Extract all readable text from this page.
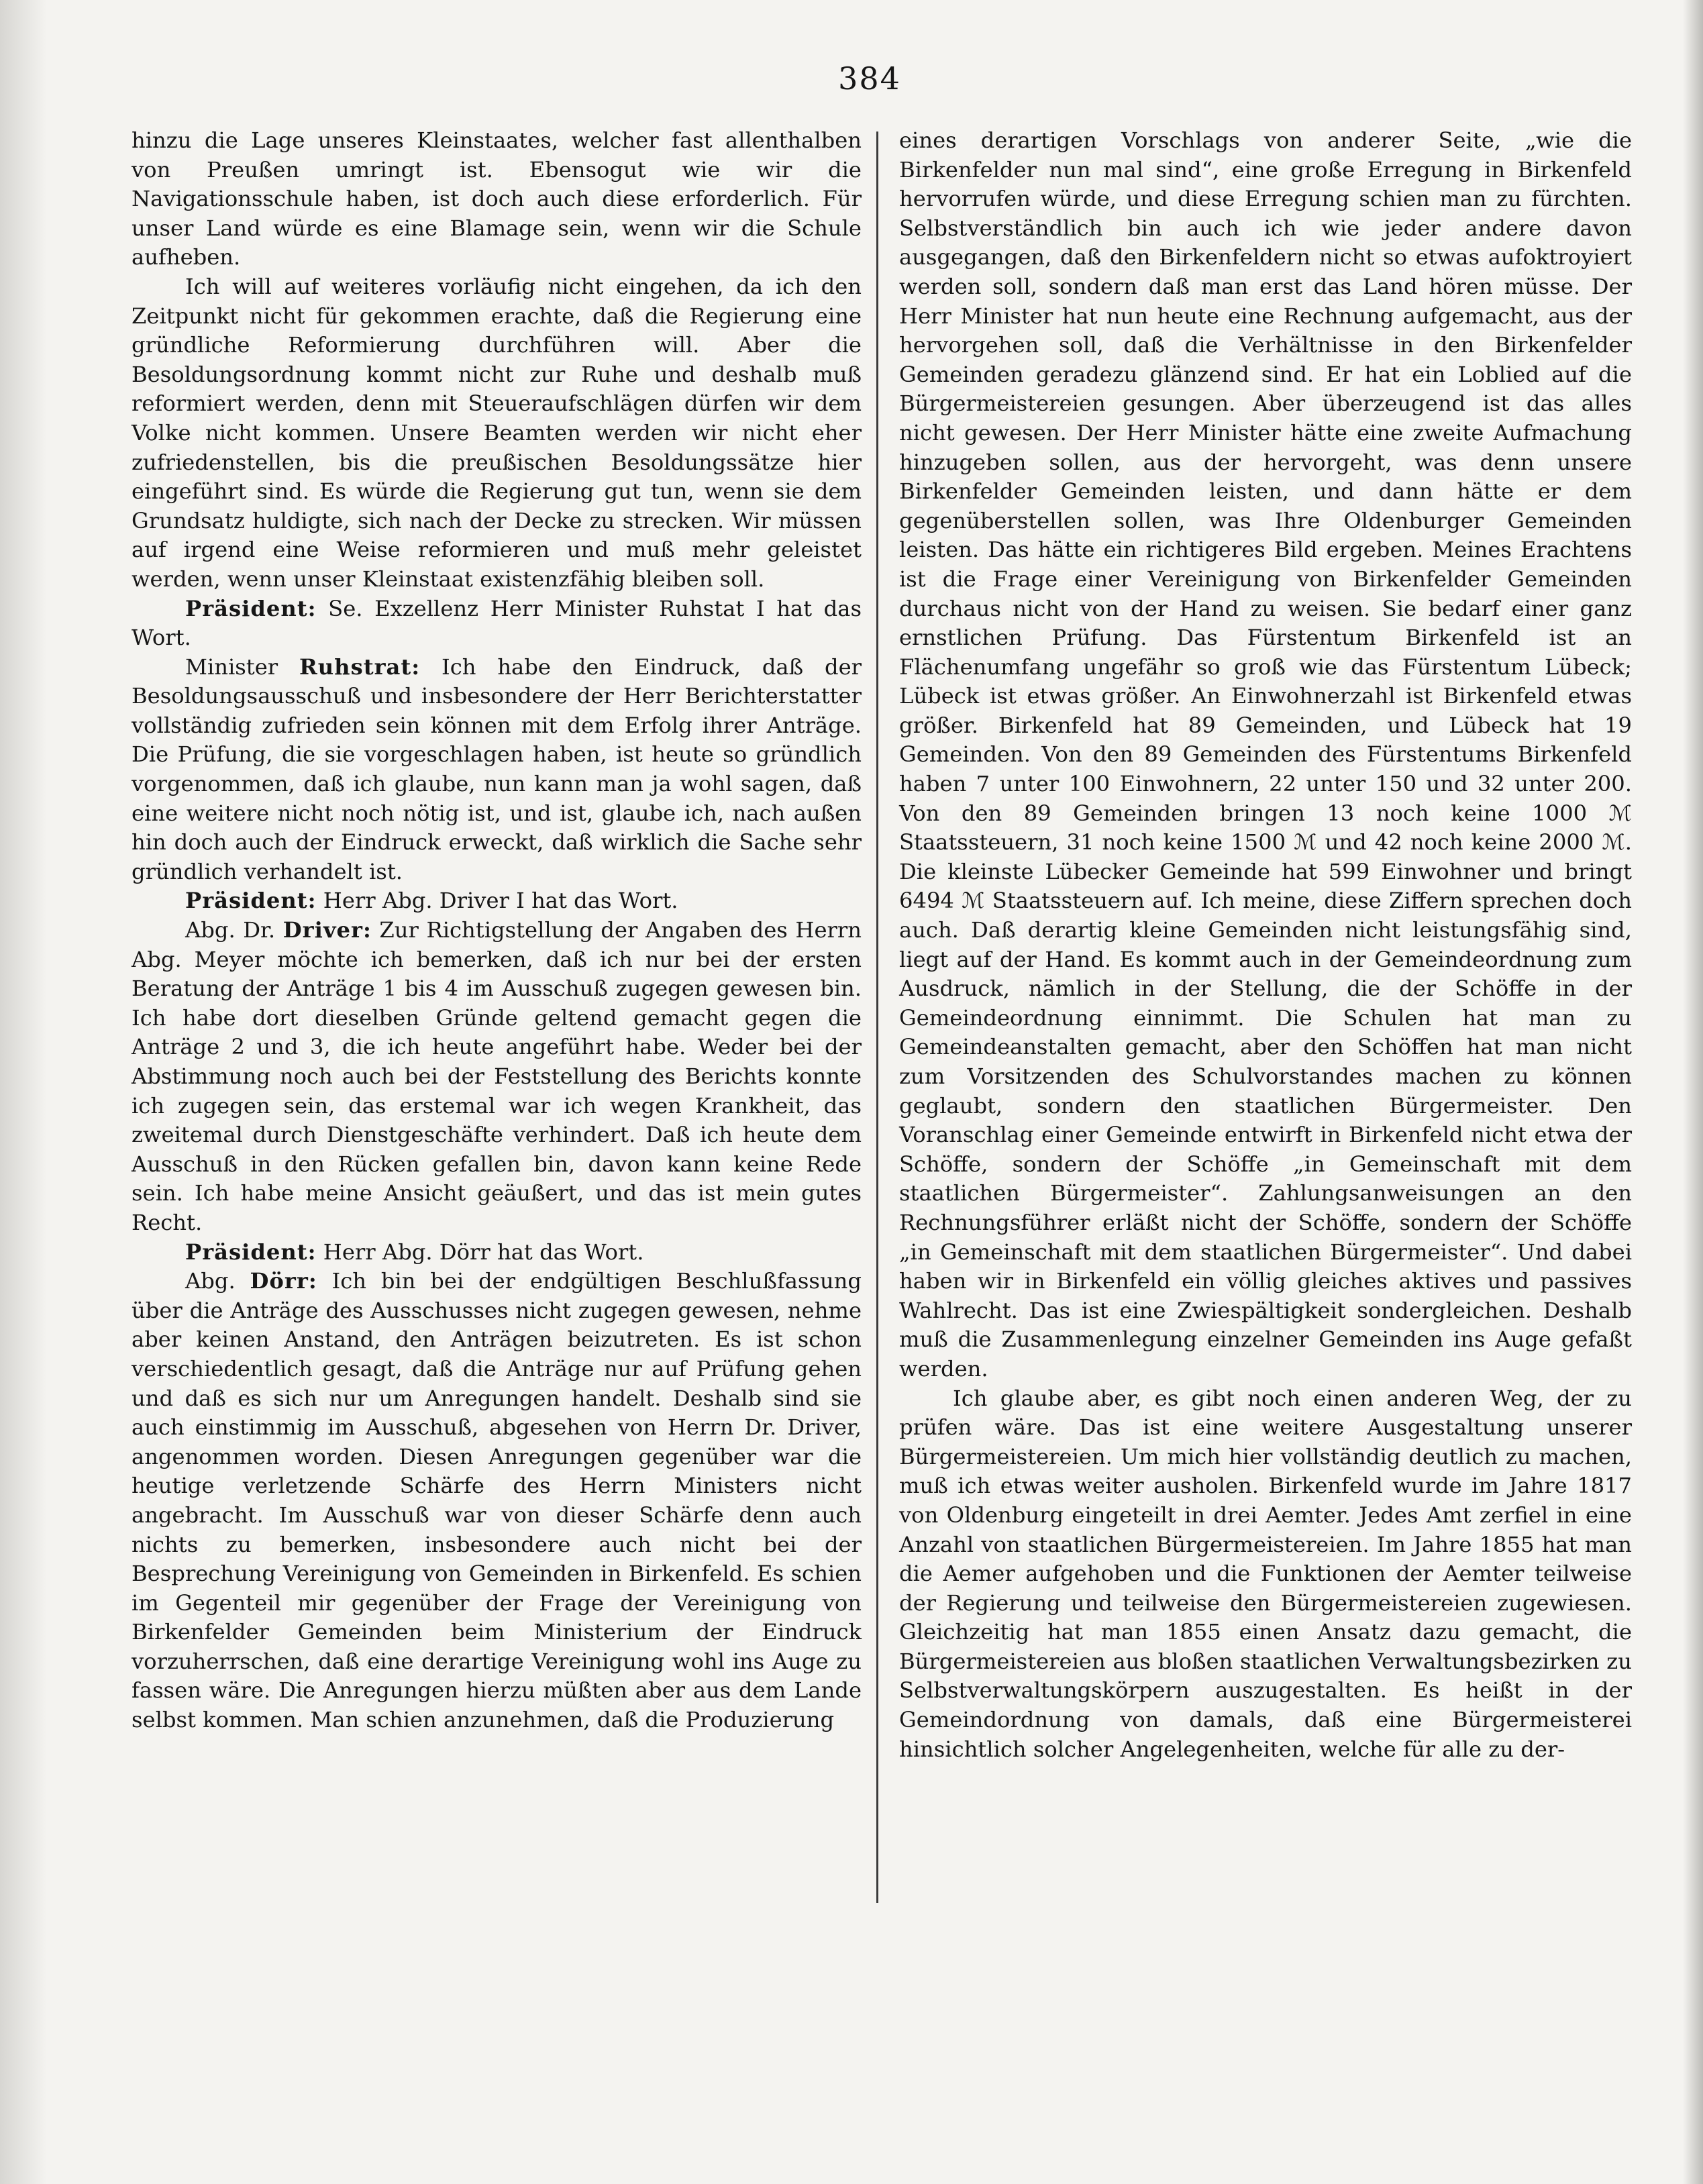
384

hinzu die Lage unseres Kleinstaates, welcher fast allenthalben von Preußen umringt ist. Ebensogut wie wir die Navigationsschule haben, ist doch auch diese erforderlich. Für unser Land würde es eine Blamage sein, wenn wir die Schule aufheben.

Ich will auf weiteres vorläufig nicht eingehen, da ich den Zeitpunkt nicht für gekommen erachte, daß die Regierung eine gründliche Reformierung durchführen will. Aber die Besoldungsordnung kommt nicht zur Ruhe und deshalb muß reformiert werden, denn mit Steueraufschlägen dürfen wir dem Volke nicht kommen. Unsere Beamten werden wir nicht eher zufriedenstellen, bis die preußischen Besoldungssätze hier eingeführt sind. Es würde die Regierung gut tun, wenn sie dem Grundsatz huldigte, sich nach der Decke zu strecken. Wir müssen auf irgend eine Weise reformieren und muß mehr geleistet werden, wenn unser Kleinstaat existenzfähig bleiben soll.

Präsident: Se. Exzellenz Herr Minister Ruhstat I hat das Wort.

Minister Ruhstrat: Ich habe den Eindruck, daß der Besoldungsausschuß und insbesondere der Herr Berichterstatter vollständig zufrieden sein können mit dem Erfolg ihrer Anträge. Die Prüfung, die sie vorgeschlagen haben, ist heute so gründlich vorgenommen, daß ich glaube, nun kann man ja wohl sagen, daß eine weitere nicht noch nötig ist, und ist, glaube ich, nach außen hin doch auch der Eindruck erweckt, daß wirklich die Sache sehr gründlich verhandelt ist.

Präsident: Herr Abg. Driver I hat das Wort.

Abg. Dr. Driver: Zur Richtigstellung der Angaben des Herrn Abg. Meyer möchte ich bemerken, daß ich nur bei der ersten Beratung der Anträge 1 bis 4 im Ausschuß zugegen gewesen bin. Ich habe dort dieselben Gründe geltend gemacht gegen die Anträge 2 und 3, die ich heute angeführt habe. Weder bei der Abstimmung noch auch bei der Feststellung des Berichts konnte ich zugegen sein, das erstemal war ich wegen Krankheit, das zweitemal durch Dienstgeschäfte verhindert. Daß ich heute dem Ausschuß in den Rücken gefallen bin, davon kann keine Rede sein. Ich habe meine Ansicht geäußert, und das ist mein gutes Recht.

Präsident: Herr Abg. Dörr hat das Wort.

Abg. Dörr: Ich bin bei der endgültigen Beschlußfassung über die Anträge des Ausschusses nicht zugegen gewesen, nehme aber keinen Anstand, den Anträgen beizutreten. Es ist schon verschiedentlich gesagt, daß die Anträge nur auf Prüfung gehen und daß es sich nur um Anregungen handelt. Deshalb sind sie auch einstimmig im Ausschuß, abgesehen von Herrn Dr. Driver, angenommen worden. Diesen Anregungen gegenüber war die heutige verletzende Schärfe des Herrn Ministers nicht angebracht. Im Ausschuß war von dieser Schärfe denn auch nichts zu bemerken, insbesondere auch nicht bei der Besprechung Vereinigung von Gemeinden in Birkenfeld. Es schien im Gegenteil mir gegenüber der Frage der Vereinigung von Birkenfelder Gemeinden beim Ministerium der Eindruck vorzuherrschen, daß eine derartige Vereinigung wohl ins Auge zu fassen wäre. Die Anregungen hierzu müßten aber aus dem Lande selbst kommen. Man schien anzunehmen, daß die Produzierung

eines derartigen Vorschlags von anderer Seite, „wie die Birkenfelder nun mal sind“, eine große Erregung in Birkenfeld hervorrufen würde, und diese Erregung schien man zu fürchten. Selbstverständlich bin auch ich wie jeder andere davon ausgegangen, daß den Birkenfeldern nicht so etwas aufoktroyiert werden soll, sondern daß man erst das Land hören müsse. Der Herr Minister hat nun heute eine Rechnung aufgemacht, aus der hervorgehen soll, daß die Verhältnisse in den Birkenfelder Gemeinden geradezu glänzend sind. Er hat ein Loblied auf die Bürgermeistereien gesungen. Aber überzeugend ist das alles nicht gewesen. Der Herr Minister hätte eine zweite Aufmachung hinzugeben sollen, aus der hervorgeht, was denn unsere Birkenfelder Gemeinden leisten, und dann hätte er dem gegenüberstellen sollen, was Ihre Oldenburger Gemeinden leisten. Das hätte ein richtigeres Bild ergeben. Meines Erachtens ist die Frage einer Vereinigung von Birkenfelder Gemeinden durchaus nicht von der Hand zu weisen. Sie bedarf einer ganz ernstlichen Prüfung. Das Fürstentum Birkenfeld ist an Flächenumfang ungefähr so groß wie das Fürstentum Lübeck; Lübeck ist etwas größer. An Einwohnerzahl ist Birkenfeld etwas größer. Birkenfeld hat 89 Gemeinden, und Lübeck hat 19 Gemeinden. Von den 89 Gemeinden des Fürstentums Birkenfeld haben 7 unter 100 Einwohnern, 22 unter 150 und 32 unter 200. Von den 89 Gemeinden bringen 13 noch keine 1000 ℳ Staatssteuern, 31 noch keine 1500 ℳ und 42 noch keine 2000 ℳ. Die kleinste Lübecker Gemeinde hat 599 Einwohner und bringt 6494 ℳ Staatssteuern auf. Ich meine, diese Ziffern sprechen doch auch. Daß derartig kleine Gemeinden nicht leistungsfähig sind, liegt auf der Hand. Es kommt auch in der Gemeindeordnung zum Ausdruck, nämlich in der Stellung, die der Schöffe in der Gemeindeordnung einnimmt. Die Schulen hat man zu Gemeindeanstalten gemacht, aber den Schöffen hat man nicht zum Vorsitzenden des Schulvorstandes machen zu können geglaubt, sondern den staatlichen Bürgermeister. Den Voranschlag einer Gemeinde entwirft in Birkenfeld nicht etwa der Schöffe, sondern der Schöffe „in Gemeinschaft mit dem staatlichen Bürgermeister“. Zahlungsanweisungen an den Rechnungsführer erläßt nicht der Schöffe, sondern der Schöffe „in Gemeinschaft mit dem staatlichen Bürgermeister“. Und dabei haben wir in Birkenfeld ein völlig gleiches aktives und passives Wahlrecht. Das ist eine Zwiespältigkeit sondergleichen. Deshalb muß die Zusammenlegung einzelner Gemeinden ins Auge gefaßt werden.

Ich glaube aber, es gibt noch einen anderen Weg, der zu prüfen wäre. Das ist eine weitere Ausgestaltung unserer Bürgermeistereien. Um mich hier vollständig deutlich zu machen, muß ich etwas weiter ausholen. Birkenfeld wurde im Jahre 1817 von Oldenburg eingeteilt in drei Aemter. Jedes Amt zerfiel in eine Anzahl von staatlichen Bürgermeistereien. Im Jahre 1855 hat man die Aemer aufgehoben und die Funktionen der Aemter teilweise der Regierung und teilweise den Bürgermeistereien zugewiesen. Gleichzeitig hat man 1855 einen Ansatz dazu gemacht, die Bürgermeistereien aus bloßen staatlichen Verwaltungsbezirken zu Selbstverwaltungskörpern auszugestalten. Es heißt in der Gemeindordnung von damals, daß eine Bürgermeisterei hinsichtlich solcher Angelegenheiten, welche für alle zu der-
